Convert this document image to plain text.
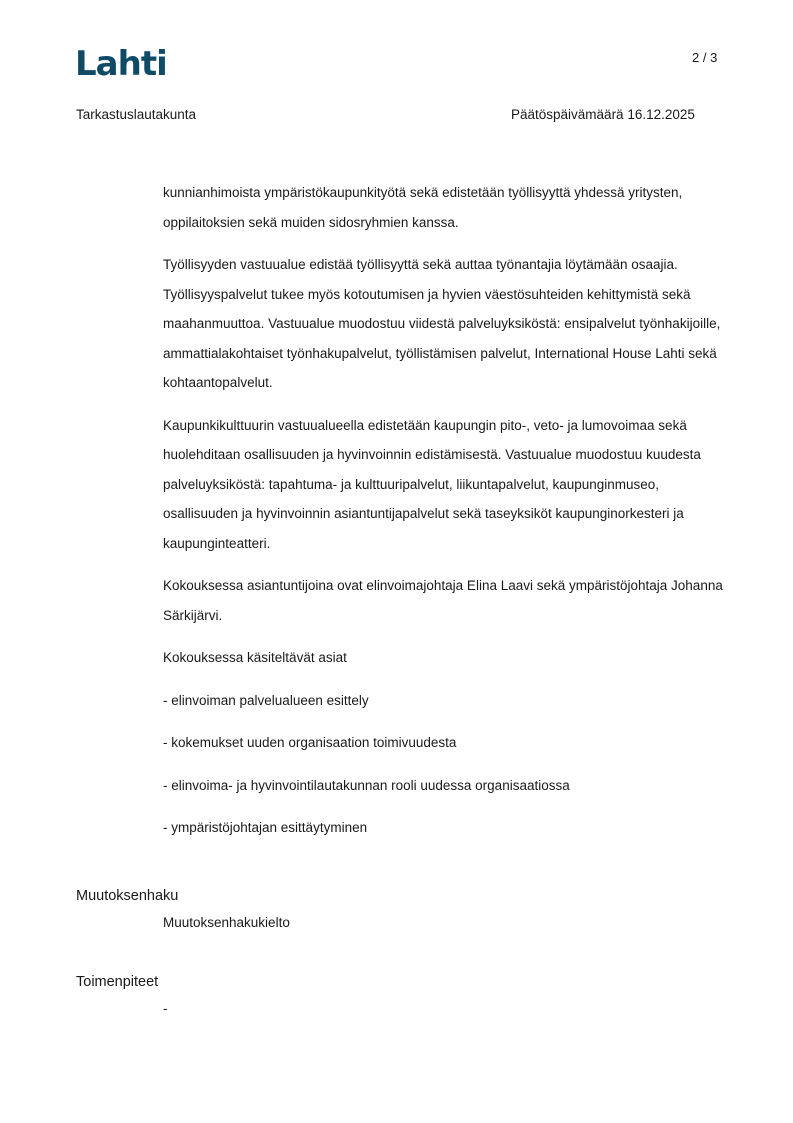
Lahti	2 / 3
Tarkastuslautakunta	Päätöspäivämäärä 16.12.2025

kunnianhimoista ympäristökaupunkityötä sekä edistetään työllisyyttä yhdessä yritysten, oppilaitoksien sekä muiden sidosryhmien kanssa.

Työllisyyden vastuualue edistää työllisyyttä sekä auttaa työnantajia löytämään osaajia. Työllisyyspalvelut tukee myös kotoutumisen ja hyvien väestösuhteiden kehittymistä sekä maahanmuuttoa. Vastuualue muodostuu viidestä palveluyksiköstä: ensipalvelut työnhakijoille, ammattialakohtaiset työnhakupalvelut, työllistämisen palvelut, International House Lahti sekä kohtaantopalvelut.

Kaupunkikulttuurin vastuualueella edistetään kaupungin pito-, veto- ja lumovoimaa sekä huolehditaan osallisuuden ja hyvinvoinnin edistämisestä. Vastuualue muodostuu kuudesta palveluyksiköstä: tapahtuma- ja kulttuuripalvelut, liikuntapalvelut, kaupunginmuseo, osallisuuden ja hyvinvoinnin asiantuntijapalvelut sekä taseyksiköt kaupunginorkesteri ja kaupunginteatteri.

Kokouksessa asiantuntijoina ovat elinvoimajohtaja Elina Laavi sekä ympäristöjohtaja Johanna Särkijärvi.

Kokouksessa käsiteltävät asiat

- elinvoiman palvelualueen esittely

- kokemukset uuden organisaation toimivuudesta

- elinvoima- ja hyvinvointilautakunnan rooli uudessa organisaatiossa

- ympäristöjohtajan esittäytyminen

Muutoksenhaku
Muutoksenhakukielto
Toimenpiteet
-
